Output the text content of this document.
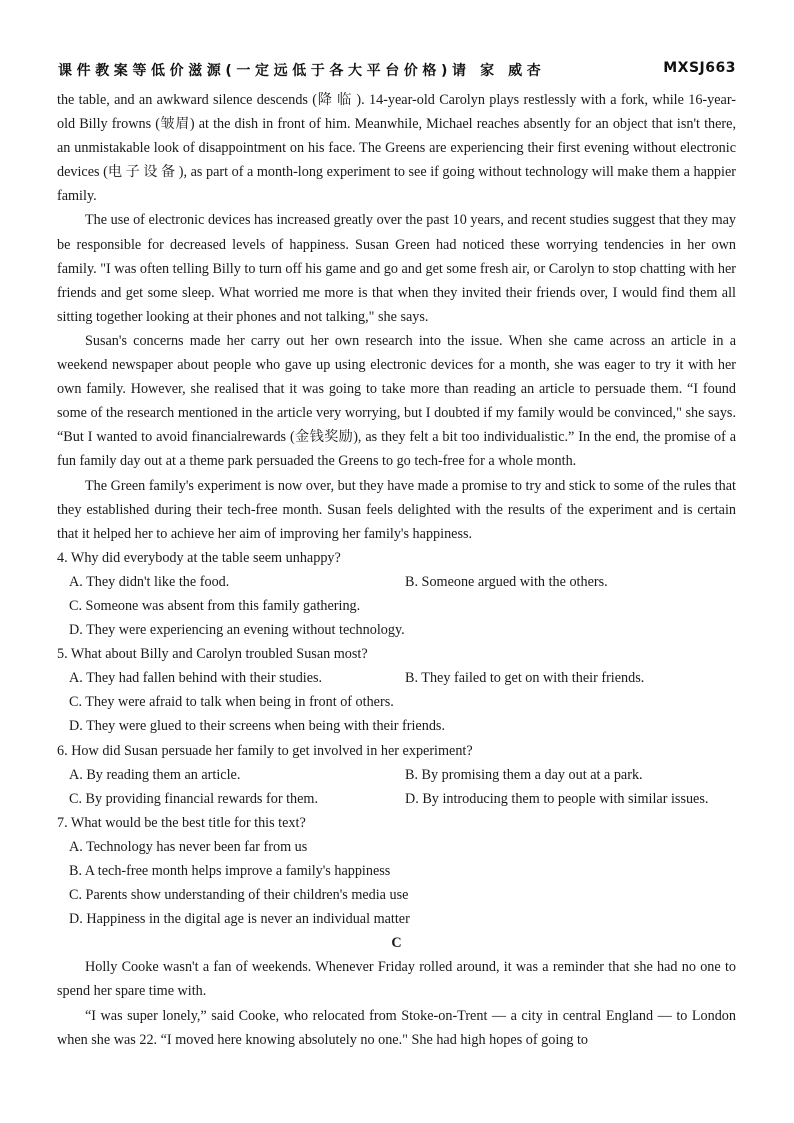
课件教案等低价滋源(一定远低于各大平台价格)请 家 威杏	MXSJ663

the table, and an awkward silence descends (降 临 ). 14-year-old Carolyn plays restlessly with a fork, while 16-year-old Billy frowns (皱眉) at the dish in front of him. Meanwhile, Michael reaches absently for an object that isn't there, an unmistakable look of disappointment on his face. The Greens are experiencing their first evening without electronic devices (电 子 设 备 ), as part of a month-long experiment to see if going without technology will make them a happier family.

The use of electronic devices has increased greatly over the past 10 years, and recent studies suggest that they may be responsible for decreased levels of happiness. Susan Green had noticed these worrying tendencies in her own family. "I was often telling Billy to turn off his game and go and get some fresh air, or Carolyn to stop chatting with her friends and get some sleep. What worried me more is that when they invited their friends over, I would find them all sitting together looking at their phones and not talking," she says.

Susan's concerns made her carry out her own research into the issue. When she came across an article in a weekend newspaper about people who gave up using electronic devices for a month, she was eager to try it with her own family. However, she realised that it was going to take more than reading an article to persuade them. “I found some of the research mentioned in the article very worrying, but I doubted if my family would be convinced," she says. “But I wanted to avoid financialrewards (金钱奖励), as they felt a bit too individualistic.” In the end, the promise of a fun family day out at a theme park persuaded the Greens to go tech-free for a whole month.

The Green family's experiment is now over, but they have made a promise to try and stick to some of the rules that they established during their tech-free month. Susan feels delighted with the results of the experiment and is certain that it helped her to achieve her aim of improving her family's happiness.

4. Why did everybody at the table seem unhappy?

A. They didn't like the food.	B. Someone argued with the others.

C. Someone was absent from this family gathering.

D. They were experiencing an evening without technology.

5. What about Billy and Carolyn troubled Susan most?

A. They had fallen behind with their studies.	B. They failed to get on with their friends.

C. They were afraid to talk when being in front of others.

D. They were glued to their screens when being with their friends.

6. How did Susan persuade her family to get involved in her experiment?

A. By reading them an article.	B. By promising them a day out at a park.

C. By providing financial rewards for them.	D. By introducing them to people with similar issues.

7. What would be the best title for this text?

A. Technology has never been far from us

B. A tech-free month helps improve a family's happiness

C. Parents show understanding of their children's media use

D. Happiness in the digital age is never an individual matter

C

Holly Cooke wasn't a fan of weekends. Whenever Friday rolled around, it was a reminder that she had no one to spend her spare time with.

“I was super lonely,” said Cooke, who relocated from Stoke-on-Trent — a city in central England — to London when she was 22. “I moved here knowing absolutely no one." She had high hopes of going to
